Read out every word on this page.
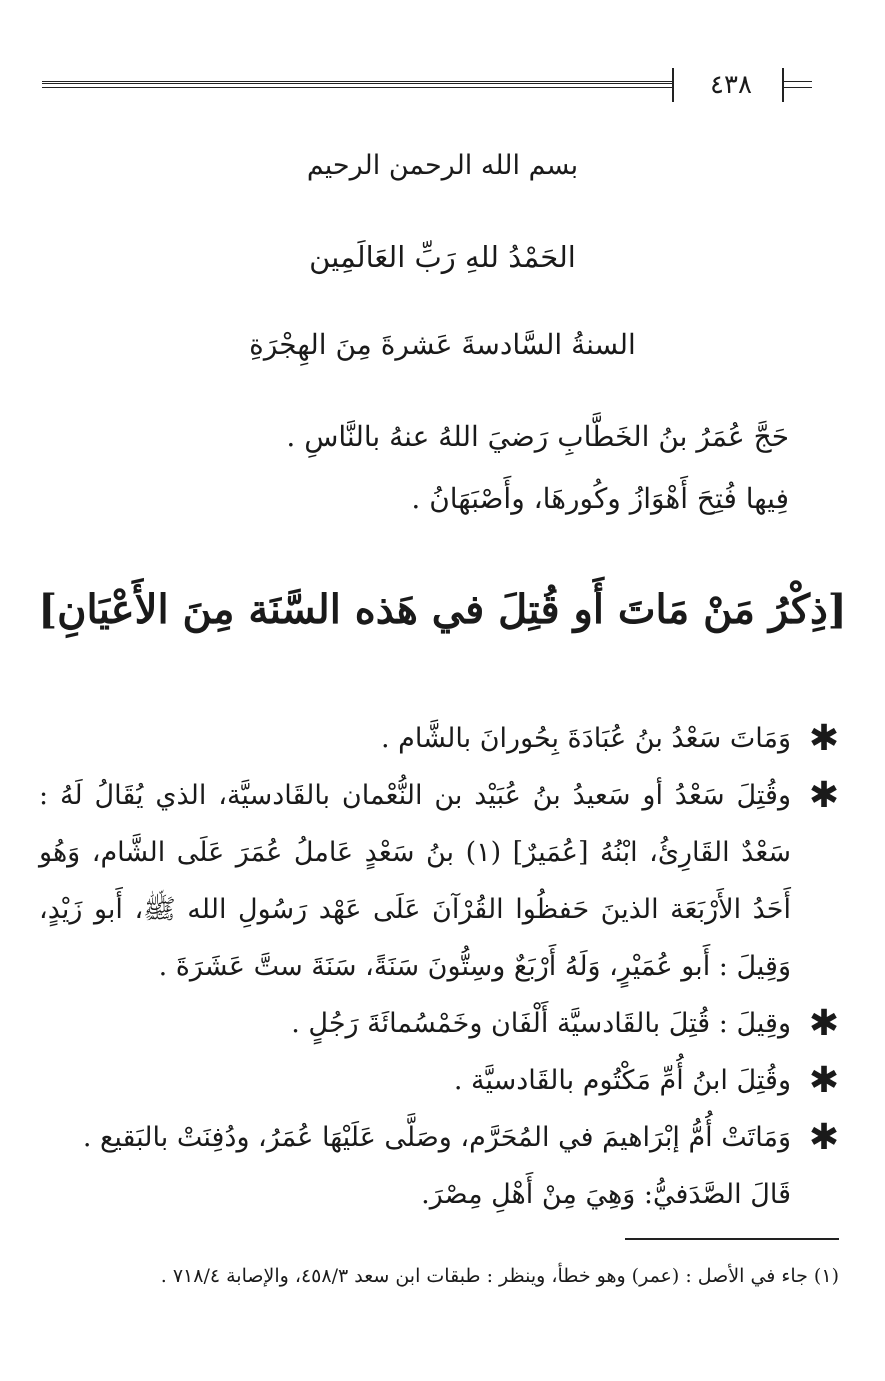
٤٣٨
بسم الله الرحمن الرحيم
الحَمْدُ للهِ رَبِّ العَالَمِين
السنةُ السَّادسةَ عَشرةَ مِنَ الهِجْرَةِ
حَجَّ عُمَرُ بنُ الخَطَّابِ رَضيَ اللهُ عنهُ بالنَّاسِ .
فِيها فُتِحَ أَهْوَازُ وكُورهَا، وأَصْبَهَانُ .
[ذِكْرُ مَنْ مَاتَ أَو قُتِلَ في هَذه السَّنَة مِنَ الأَعْيَانِ]
✱
وَمَاتَ سَعْدُ بنُ عُبَادَةَ بِحُورانَ بالشَّام .
✱
وقُتِلَ سَعْدُ أو سَعيدُ بنُ عُبَيْد بن النُّعْمان بالقَادسيَّة، الذي يُقَالُ لَهُ : سَعْدٌ القَارِئُ، ابْنُهُ [عُمَيرٌ] (١) بنُ سَعْدٍ عَاملُ عُمَرَ عَلَى الشَّام، وَهُو أَحَدُ الأَرْبَعَة الذينَ حَفظُوا القُرْآنَ عَلَى عَهْد رَسُولِ الله ﷺ، أَبو زَيْدٍ، وَقِيلَ : أَبو عُمَيْرٍ، وَلَهُ أَرْبَعٌ وسِتُّونَ سَنَةً، سَنَةَ ستَّ عَشَرَةَ .
✱
وقِيلَ : قُتِلَ بالقَادسيَّة أَلْفَان وخَمْسُمائَةَ رَجُلٍ .
✱
وقُتِلَ ابنُ أُمِّ مَكْتُوم بالقَادسيَّة .
✱
وَمَاتَتْ أُمُّ إبْرَاهيمَ في المُحَرَّم، وصَلَّى عَلَيْهَا عُمَرُ، ودُفِنَتْ بالبَقيع .
قَالَ الصَّدَفيُّ: وَهِيَ مِنْ أَهْلِ مِصْرَ.
(١) جاء في الأصل : (عمر) وهو خطأ، وينظر : طبقات ابن سعد ٤٥٨/٣، والإصابة ٧١٨/٤ .
